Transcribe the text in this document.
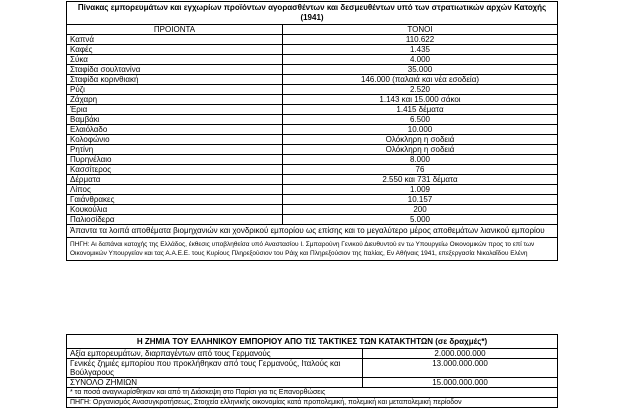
Πίνακας εμπορευμάτων και εγχωρίων προϊόντων αγορασθέντων και δεσμευθέντων υπό των στρατιωτικών αρχών Κατοχής (1941)	
ΠΡΟΙΟΝΤΑ	ΤΟΝΟΙ
Καπνά	110.622
Καφές	1.435
Σύκα	4.000
Σταφίδα σουλτανίνα	35.000
Σταφίδα κορινθιακή	146.000 (παλαιά και νέα εσοδεία)
Ρύζι	2.520
Ζάχαρη	1.143 και 15.000 σάκοι
Έρια	1.415 δέματα
Βαμβάκι	6.500
Ελαιόλαδο	10.000
Κολοφώνιο	Ολόκληρη η σοδειά
Ρητίνη	Ολόκληρη η σοδειά
Πυρηνέλαιο	8.000
Κασσίτερος	76
Δέρματα	2.550 και 731 δέματα
Λίπος	1.009
Γαιάνθρακες	10.157
Κουκούλια	200
Παλιοσίδερα	5.000
Άπαντα τα λοιπά αποθέματα βιομηχανιών και χονδρικού εμπορίου ως επίσης και το μεγαλύτερο μέρος αποθεμάτων λιανικού εμπορίου	
ΠΗΓΗ: Αι δαπάναι κατοχής της Ελλάδος, έκθεσις υποβληθείσα υπό Αναστασίου Ι. Σμπαρούνη Γενικού Διευθυντού εν τω Υπουργείω Οικονομικών προς το επί των Οικονομικών Υπουργείον και τας Α.Α.Ε.Ε. τους Κυρίους Πληρεξούσιον του Ράιχ και Πληρεξούσιον της Ιταλίας, Εν Αθήναις 1941, επεξεργασία Νικολαΐδου Ελένη	
Η ΖΗΜΙΑ ΤΟΥ ΕΛΛΗΝΙΚΟΥ ΕΜΠΟΡΙΟΥ ΑΠΟ ΤΙΣ ΤΑΚΤΙΚΕΣ ΤΩΝ ΚΑΤΑΚΤΗΤΩΝ (σε δραχμές*)	
Αξία εμπορευμάτων, διαρπαγέντων από τους Γερμανούς	2.000.000.000
Γενικές ζημιές εμπορίου που προκλήθηκαν από τους Γερμανούς, Ιταλούς και Βούλγαρους	13.000.000.000
ΣΥΝΟΛΟ ΖΗΜΙΩΝ	15.000.000.000
* τα ποσά αναγνωρίσθηκαν και από τη Διάσκεψη στο Παρίσι για τις Επανορθώσεις	
ΠΗΓΗ: Οργανισμός Ανασυγκροτήσεως, Στοιχεία ελληνικής οικονομίας κατά προπολεμική, πολεμική και μεταπολεμική περίοδον	
